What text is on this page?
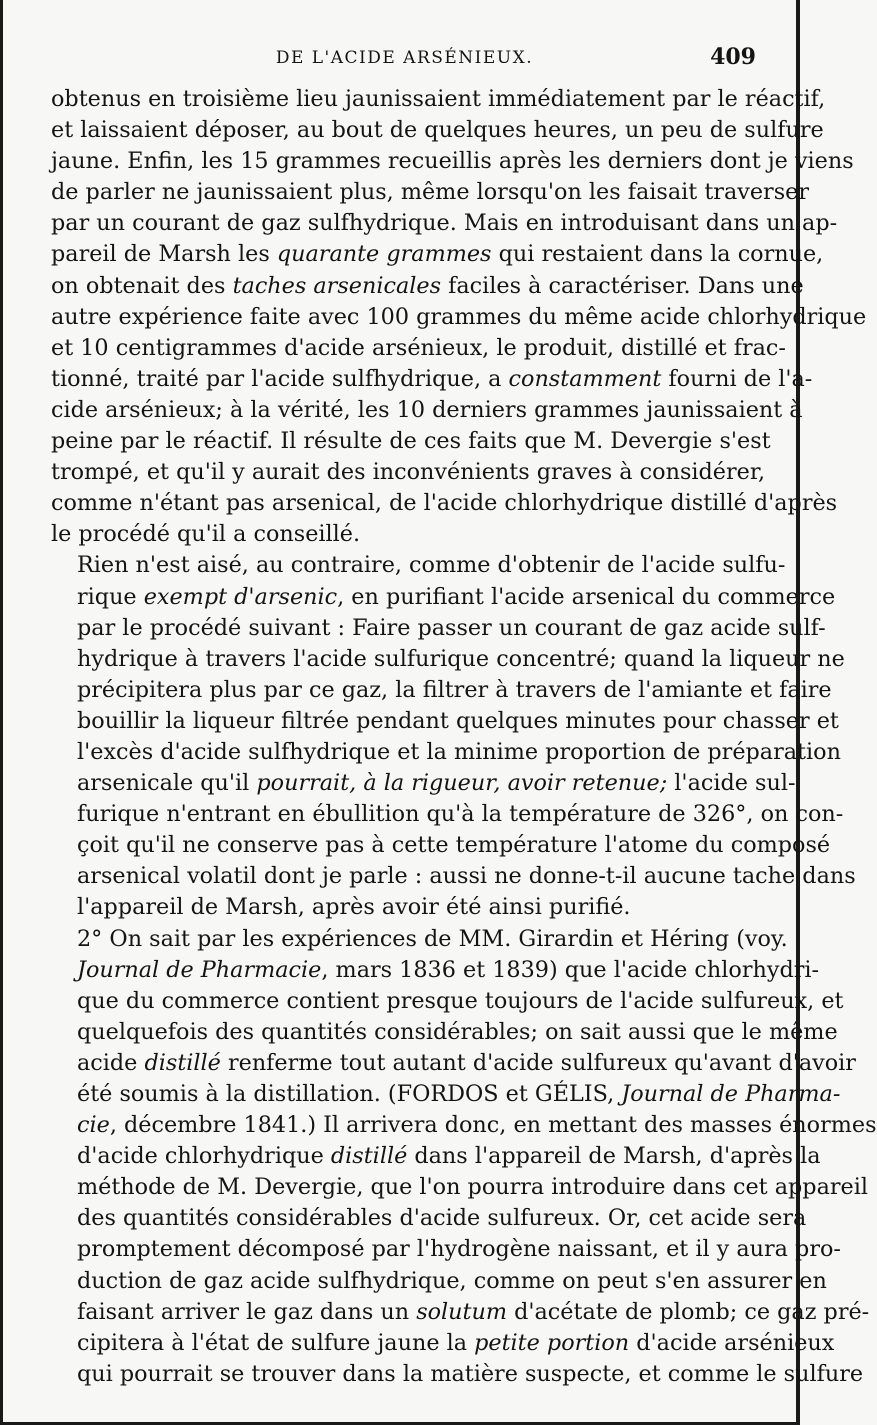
DE L'ACIDE ARSÉNIEUX.	409

obtenus en troisième lieu jaunissaient immédiatement par le réactif,
et laissaient déposer, au bout de quelques heures, un peu de sulfure
jaune. Enfin, les 15 grammes recueillis après les derniers dont je viens
de parler ne jaunissaient plus, même lorsqu'on les faisait traverser
par un courant de gaz sulfhydrique. Mais en introduisant dans un ap-
pareil de Marsh les quarante grammes qui restaient dans la cornue,
on obtenait des taches arsenicales faciles à caractériser. Dans une
autre expérience faite avec 100 grammes du même acide chlorhydrique
et 10 centigrammes d'acide arsénieux, le produit, distillé et frac-
tionné, traité par l'acide sulfhydrique, a constamment fourni de l'a-
cide arsénieux; à la vérité, les 10 derniers grammes jaunissaient à
peine par le réactif. Il résulte de ces faits que M. Devergie s'est
trompé, et qu'il y aurait des inconvénients graves à considérer,
comme n'étant pas arsenical, de l'acide chlorhydrique distillé d'après
le procédé qu'il a conseillé.

Rien n'est aisé, au contraire, comme d'obtenir de l'acide sulfu-
rique exempt d'arsenic, en purifiant l'acide arsenical du commerce
par le procédé suivant : Faire passer un courant de gaz acide sulf-
hydrique à travers l'acide sulfurique concentré; quand la liqueur ne
précipitera plus par ce gaz, la filtrer à travers de l'amiante et faire
bouillir la liqueur filtrée pendant quelques minutes pour chasser et
l'excès d'acide sulfhydrique et la minime proportion de préparation
arsenicale qu'il pourrait, à la rigueur, avoir retenue; l'acide sul-
furique n'entrant en ébullition qu'à la température de 326°, on con-
çoit qu'il ne conserve pas à cette température l'atome du composé
arsenical volatil dont je parle : aussi ne donne-t-il aucune tache dans
l'appareil de Marsh, après avoir été ainsi purifié.

2° On sait par les expériences de MM. Girardin et Héring (voy.
Journal de Pharmacie, mars 1836 et 1839) que l'acide chlorhydri-
que du commerce contient presque toujours de l'acide sulfureux, et
quelquefois des quantités considérables; on sait aussi que le même
acide distillé renferme tout autant d'acide sulfureux qu'avant d'avoir
été soumis à la distillation. (FORDOS et GÉLIS, Journal de Pharma-
cie, décembre 1841.) Il arrivera donc, en mettant des masses énormes
d'acide chlorhydrique distillé dans l'appareil de Marsh, d'après la
méthode de M. Devergie, que l'on pourra introduire dans cet appareil
des quantités considérables d'acide sulfureux. Or, cet acide sera
promptement décomposé par l'hydrogène naissant, et il y aura pro-
duction de gaz acide sulfhydrique, comme on peut s'en assurer en
faisant arriver le gaz dans un solutum d'acétate de plomb; ce gaz pré-
cipitera à l'état de sulfure jaune la petite portion d'acide arsénieux
qui pourrait se trouver dans la matière suspecte, et comme le sulfure
